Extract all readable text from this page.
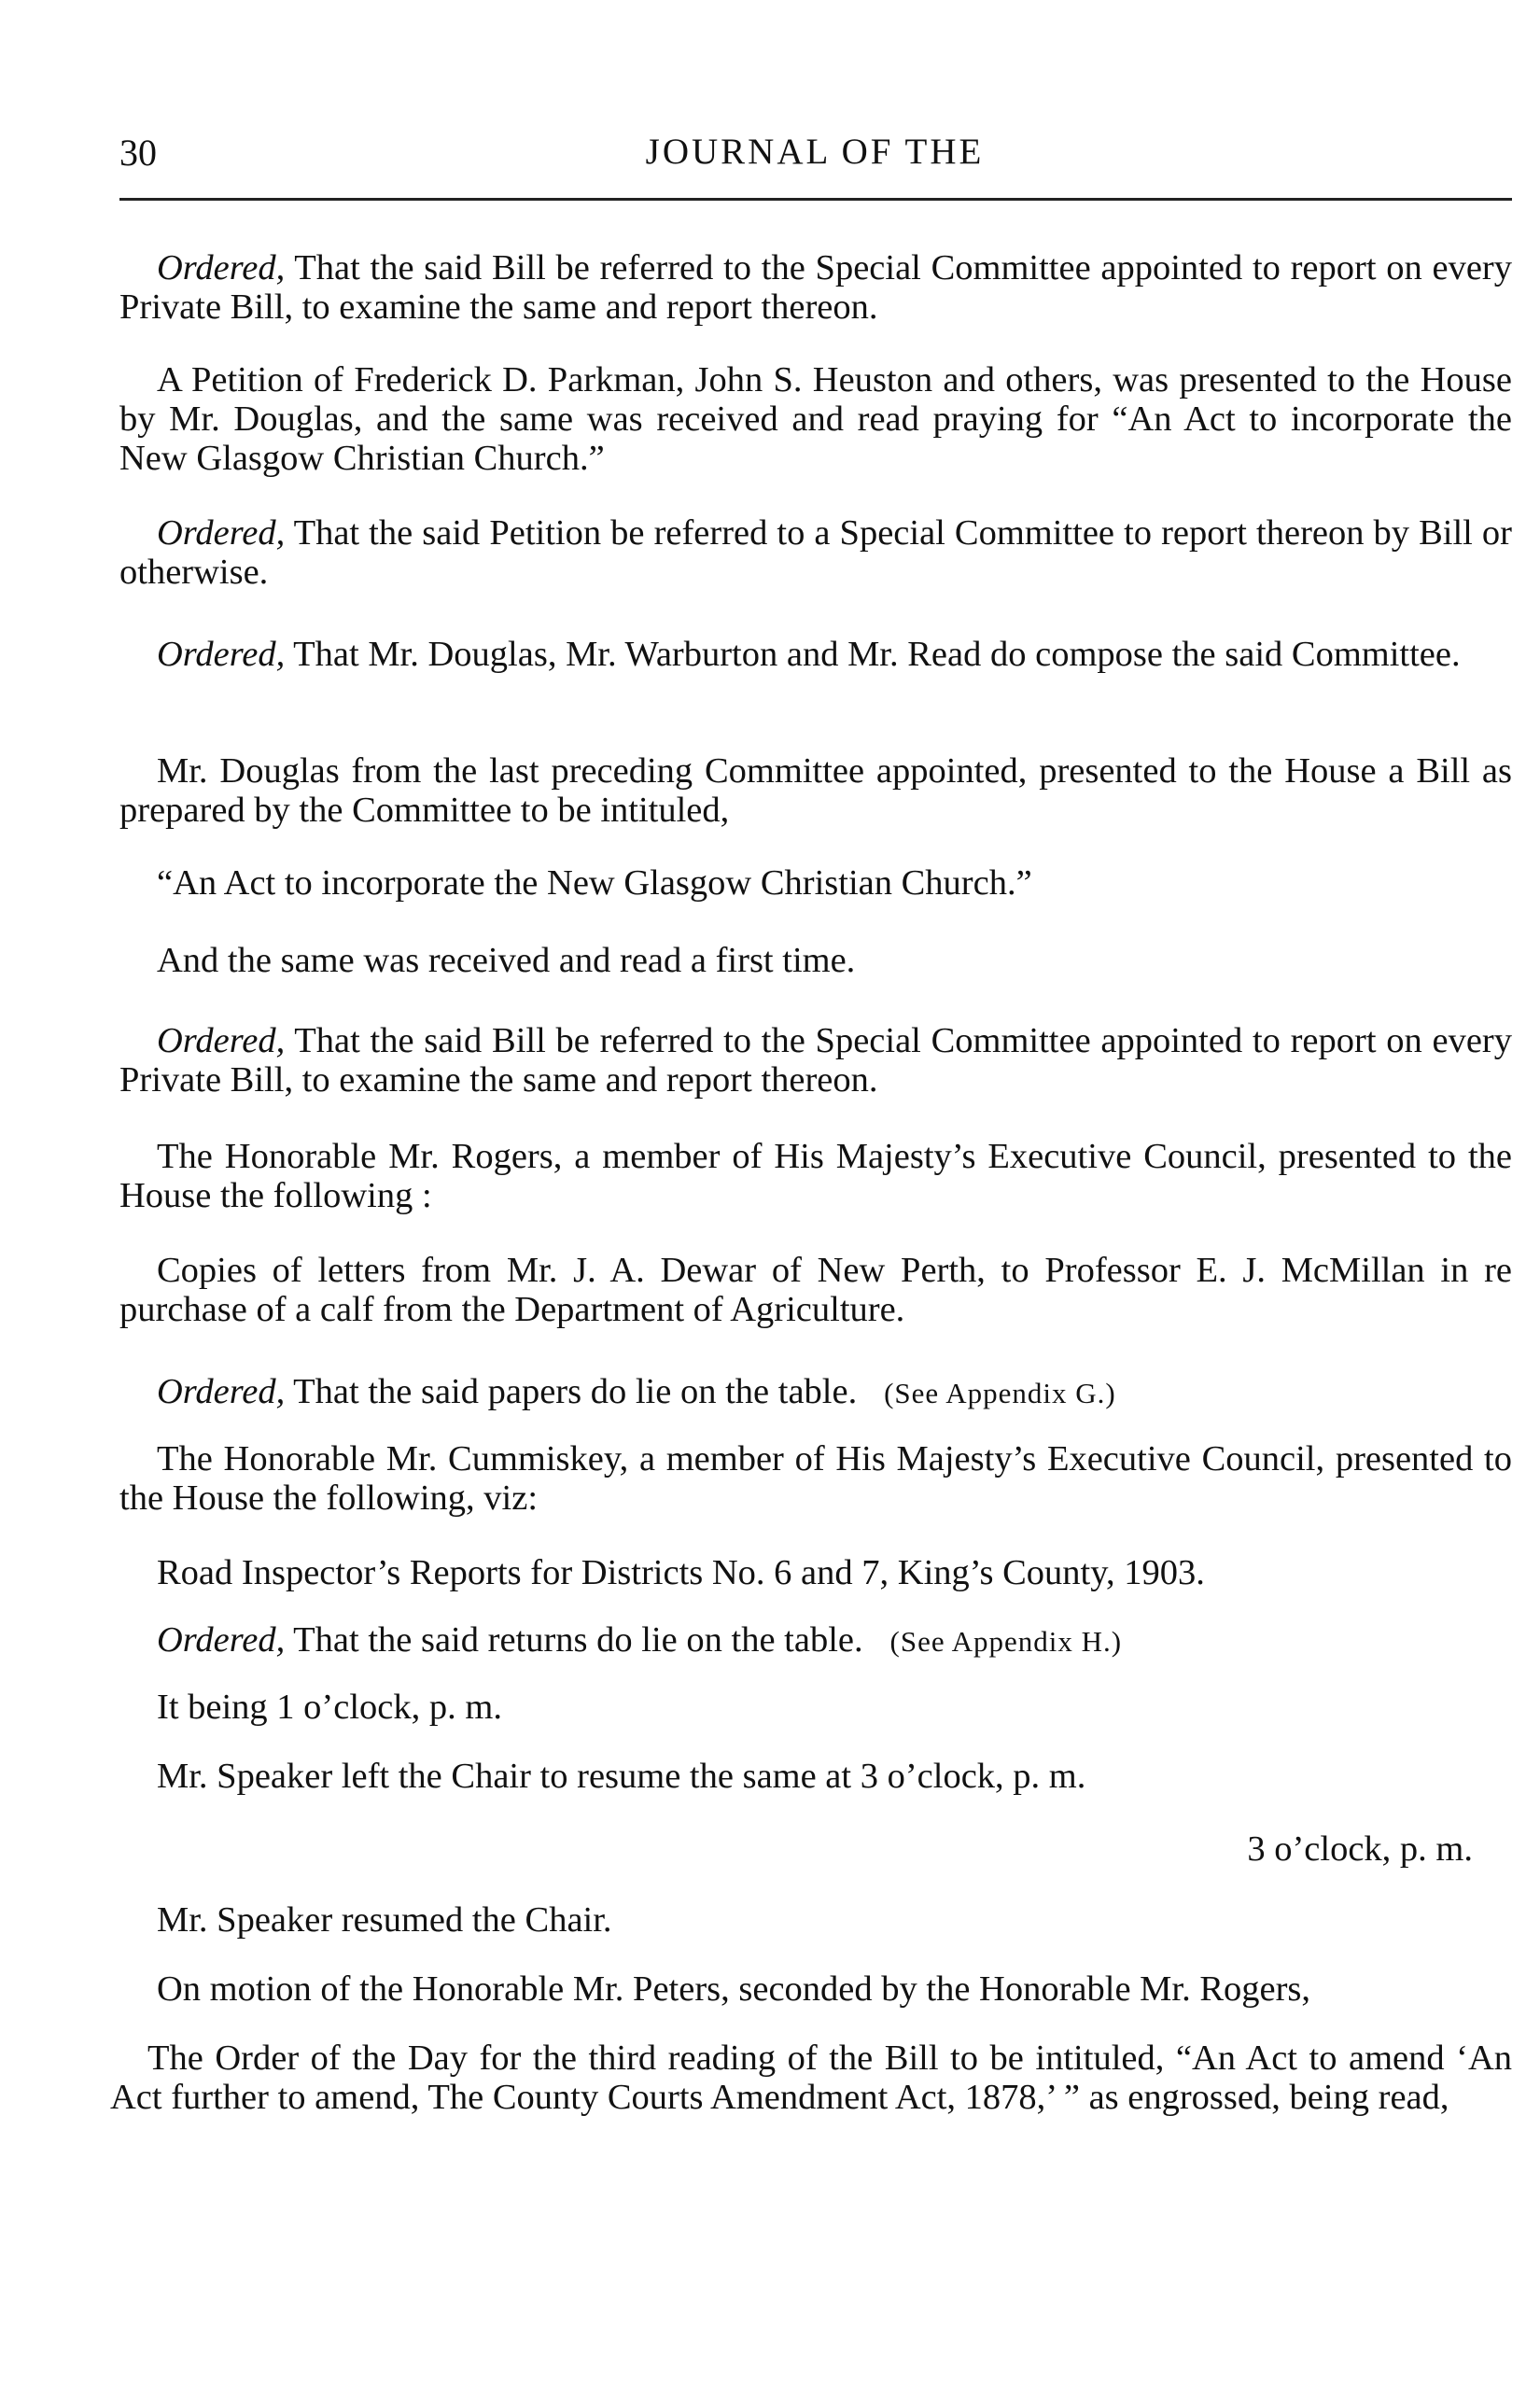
30	JOURNAL OF THE

Ordered, That the said Bill be referred to the Special Committee appointed to report on every Private Bill, to examine the same and report thereon.

A Petition of Frederick D. Parkman, John S. Heuston and others, was presented to the House by Mr. Douglas, and the same was received and read praying for “An Act to incorporate the New Glasgow Christian Church.”

Ordered, That the said Petition be referred to a Special Committee to report thereon by Bill or otherwise.

Ordered, That Mr. Douglas, Mr. Warburton and Mr. Read do compose the said Committee.

Mr. Douglas from the last preceding Committee appointed, presented to the House a Bill as prepared by the Committee to be intituled,

“An Act to incorporate the New Glasgow Christian Church.”

And the same was received and read a first time.

Ordered, That the said Bill be referred to the Special Committee appointed to report on every Private Bill, to examine the same and report thereon.

The Honorable Mr. Rogers, a member of His Majesty’s Executive Council, presented to the House the following :

Copies of letters from Mr. J. A. Dewar of New Perth, to Professor E. J. McMillan in re purchase of a calf from the Department of Agriculture.

Ordered, That the said papers do lie on the table. (See Appendix G.)

The Honorable Mr. Cummiskey, a member of His Majesty’s Executive Council, presented to the House the following, viz:

Road Inspector’s Reports for Districts No. 6 and 7, King’s County, 1903.

Ordered, That the said returns do lie on the table. (See Appendix H.)

It being 1 o’clock, p. m.

Mr. Speaker left the Chair to resume the same at 3 o’clock, p. m.

3 o’clock, p. m.

Mr. Speaker resumed the Chair.

On motion of the Honorable Mr. Peters, seconded by the Honorable Mr. Rogers,

The Order of the Day for the third reading of the Bill to be intituled, “An Act to amend ‘An Act further to amend, The County Courts Amendment Act, 1878,’ ” as engrossed, being read,
